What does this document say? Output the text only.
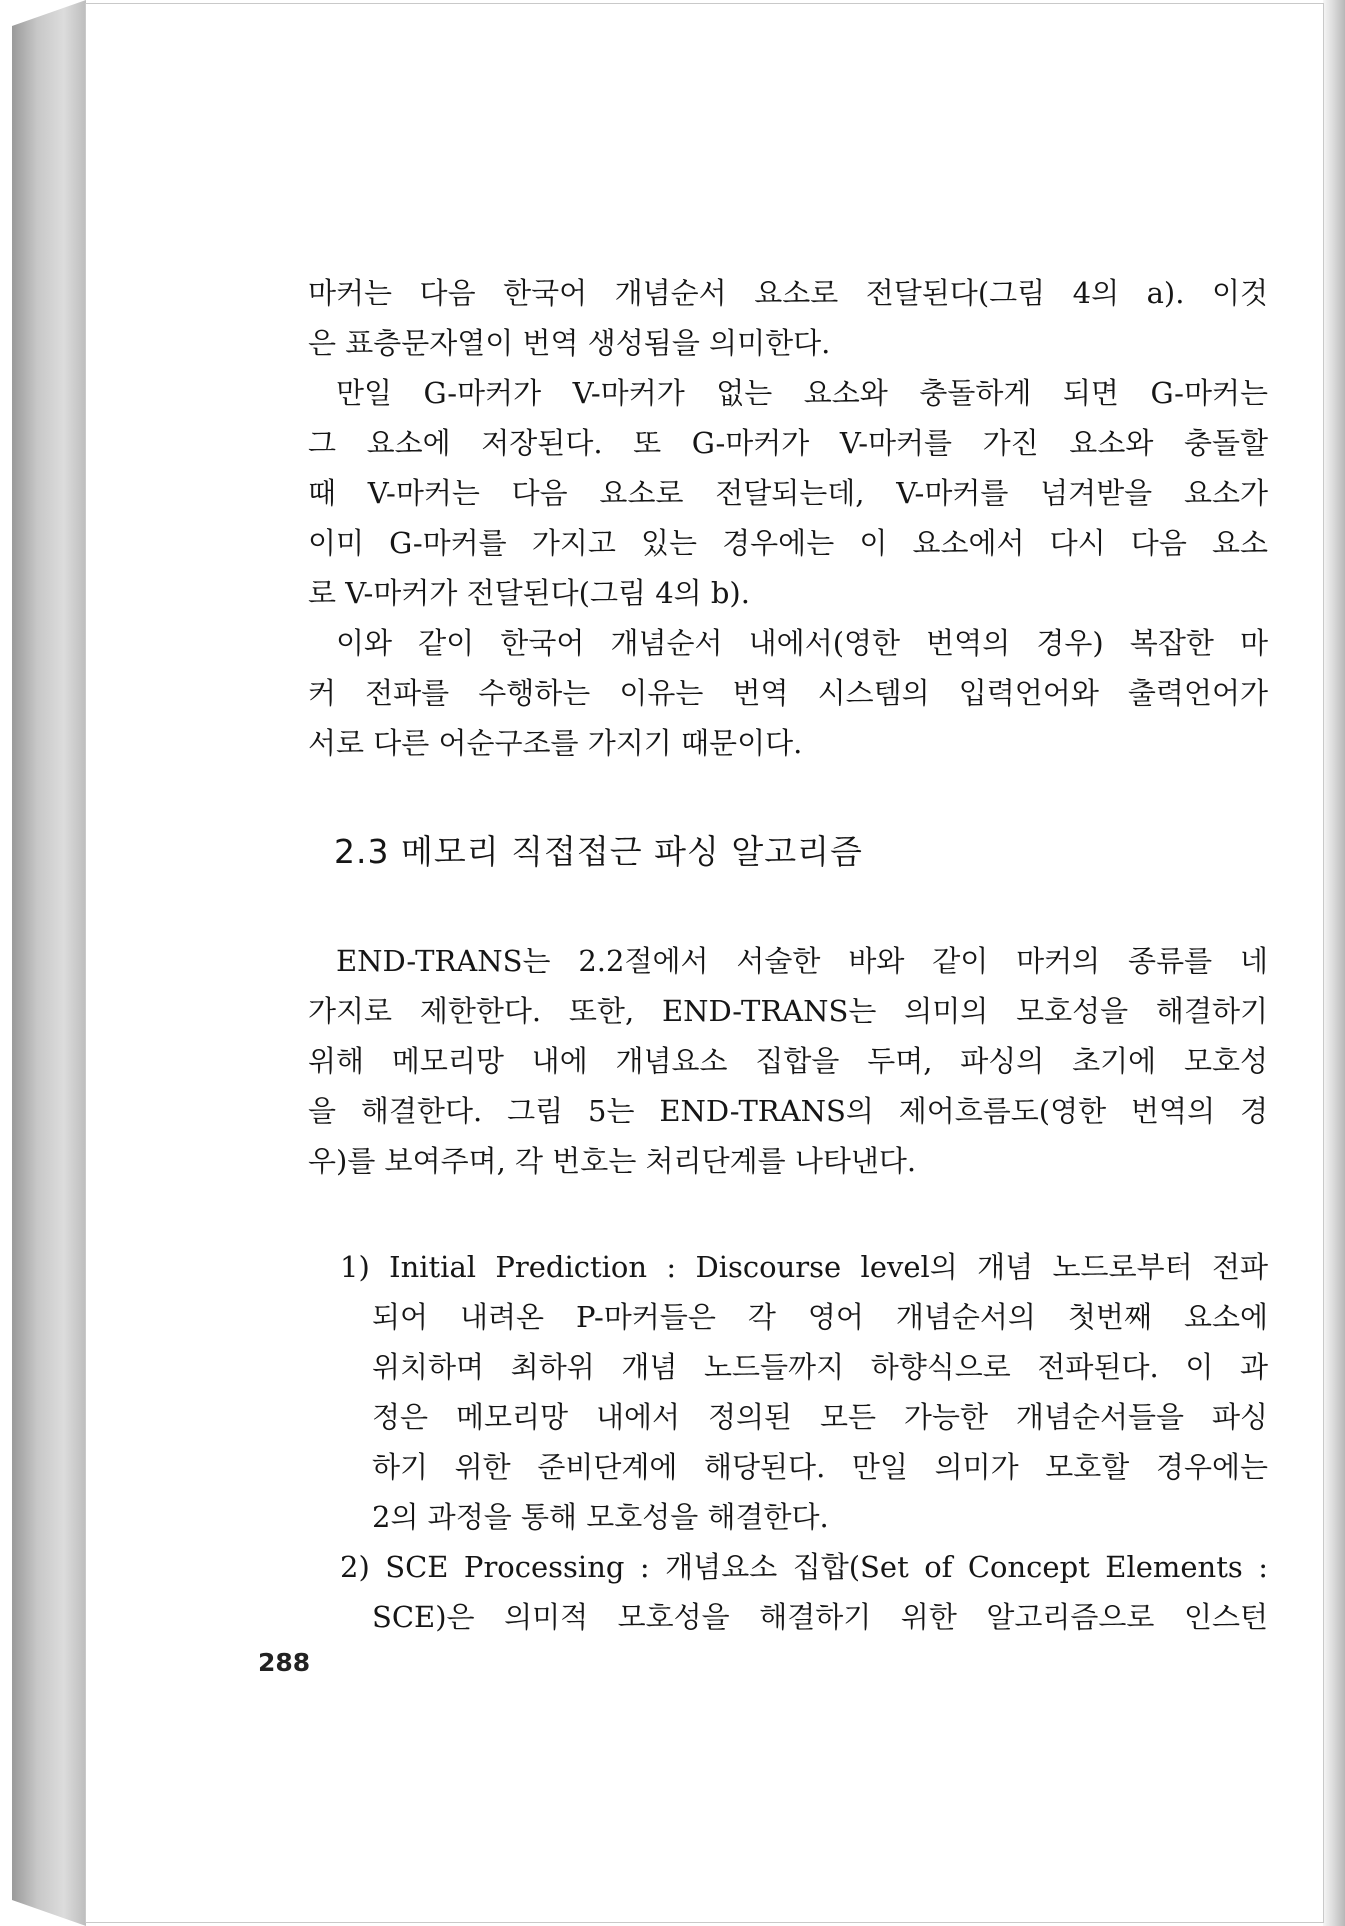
마커는 다음 한국어 개념순서 요소로 전달된다(그림 4의 a). 이것
은 표층문자열이 번역 생성됨을 의미한다.

만일 G-마커가 V-마커가 없는 요소와 충돌하게 되면 G-마커는
그 요소에 저장된다. 또 G-마커가 V-마커를 가진 요소와 충돌할
때 V-마커는 다음 요소로 전달되는데, V-마커를 넘겨받을 요소가
이미 G-마커를 가지고 있는 경우에는 이 요소에서 다시 다음 요소
로 V-마커가 전달된다(그림 4의 b).

이와 같이 한국어 개념순서 내에서(영한 번역의 경우) 복잡한 마
커 전파를 수행하는 이유는 번역 시스템의 입력언어와 출력언어가
서로 다른 어순구조를 가지기 때문이다.

2.3 메모리 직접접근 파싱 알고리즘

END-TRANS는 2.2절에서 서술한 바와 같이 마커의 종류를 네
가지로 제한한다. 또한, END-TRANS는 의미의 모호성을 해결하기
위해 메모리망 내에 개념요소 집합을 두며, 파싱의 초기에 모호성
을 해결한다. 그림 5는 END-TRANS의 제어흐름도(영한 번역의 경
우)를 보여주며, 각 번호는 처리단계를 나타낸다.

1) Initial Prediction : Discourse level의 개념 노드로부터 전파
되어 내려온 P-마커들은 각 영어 개념순서의 첫번째 요소에
위치하며 최하위 개념 노드들까지 하향식으로 전파된다. 이 과
정은 메모리망 내에서 정의된 모든 가능한 개념순서들을 파싱
하기 위한 준비단계에 해당된다. 만일 의미가 모호할 경우에는
2의 과정을 통해 모호성을 해결한다.

2) SCE Processing : 개념요소 집합(Set of Concept Elements :
SCE)은 의미적 모호성을 해결하기 위한 알고리즘으로 인스턴

288
